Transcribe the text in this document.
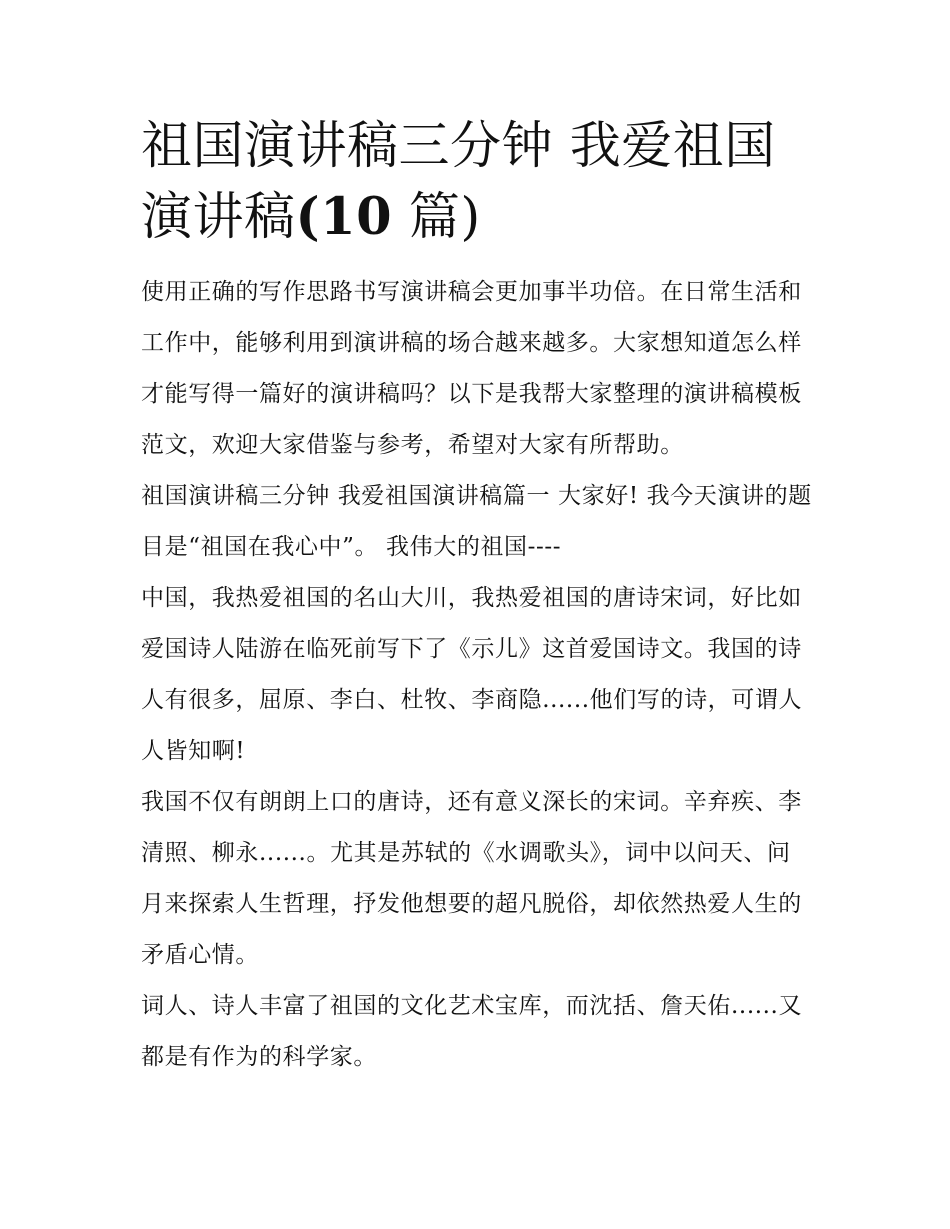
祖国演讲稿三分钟 我爱祖国演讲稿(10 篇)

使用正确的写作思路书写演讲稿会更加事半功倍。在日常生活和工作中，能够利用到演讲稿的场合越来越多。大家想知道怎么样才能写得一篇好的演讲稿吗？以下是我帮大家整理的演讲稿模板范文，欢迎大家借鉴与参考，希望对大家有所帮助。

祖国演讲稿三分钟 我爱祖国演讲稿篇一 大家好! 我今天演讲的题目是“祖国在我心中”。 我伟大的祖国----

中国，我热爱祖国的名山大川，我热爱祖国的唐诗宋词，好比如爱国诗人陆游在临死前写下了《示儿》这首爱国诗文。我国的诗人有很多，屈原、李白、杜牧、李商隐......他们写的诗，可谓人人皆知啊!

我国不仅有朗朗上口的唐诗，还有意义深长的宋词。辛弃疾、李清照、柳永......。尤其是苏轼的《水调歌头》，词中以问天、问月来探索人生哲理，抒发他想要的超凡脱俗，却依然热爱人生的矛盾心情。

词人、诗人丰富了祖国的文化艺术宝库，而沈括、詹天佑......又都是有作为的科学家。
